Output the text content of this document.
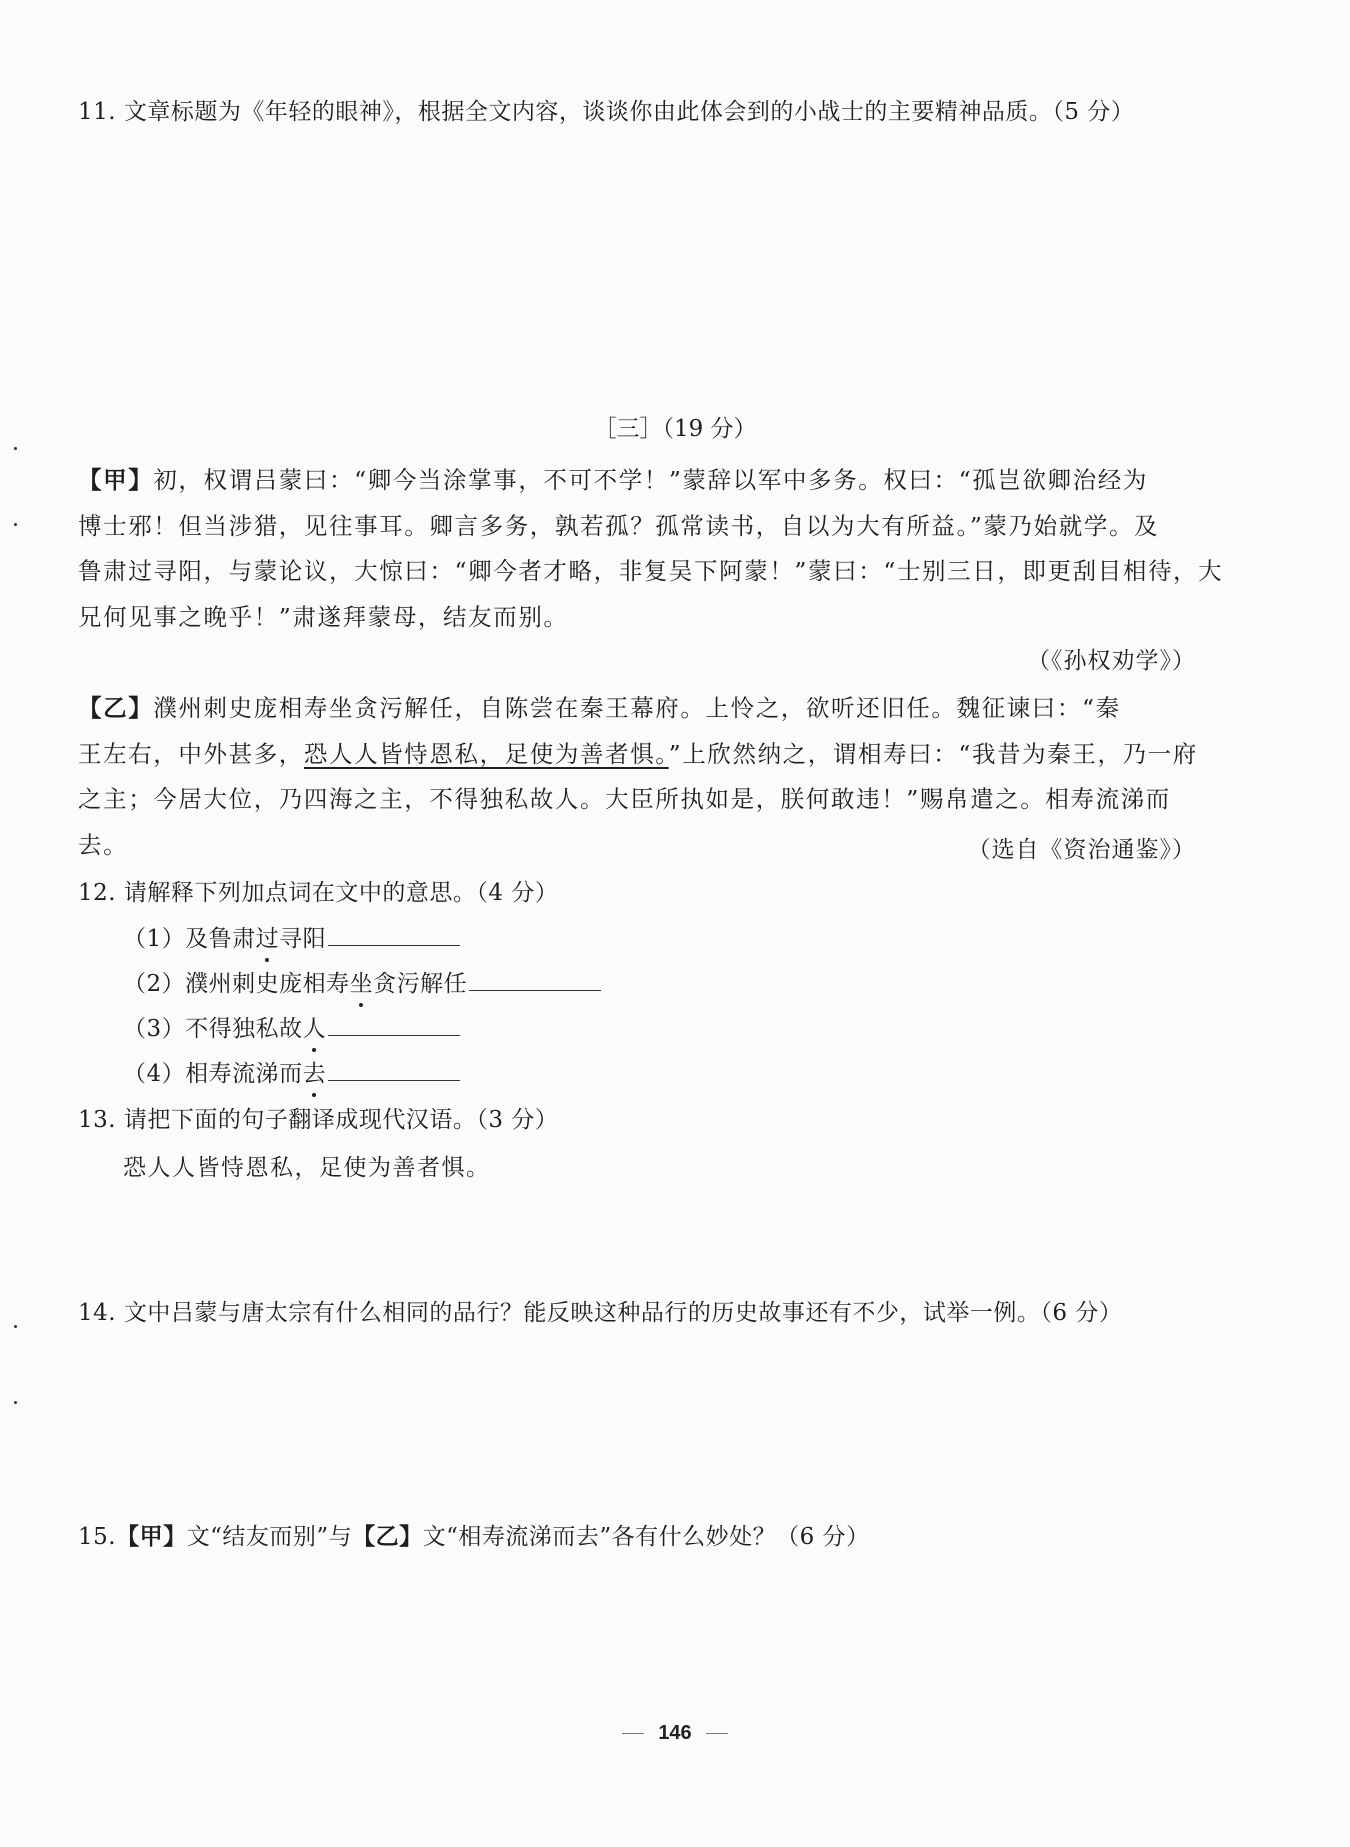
11. 文章标题为《年轻的眼神》，根据全文内容，谈谈你由此体会到的小战士的主要精神品质。（5 分）
［三］（19 分）
【甲】初，权谓吕蒙曰：“卿今当涂掌事，不可不学！”蒙辞以军中多务。权曰：“孤岂欲卿治经为
博士邪！但当涉猎，见往事耳。卿言多务，孰若孤？孤常读书，自以为大有所益。”蒙乃始就学。及
鲁肃过寻阳，与蒙论议，大惊曰：“卿今者才略，非复吴下阿蒙！”蒙曰：“士别三日，即更刮目相待，大
兄何见事之晚乎！”肃遂拜蒙母，结友而别。
（《孙权劝学》）
【乙】濮州刺史庞相寿坐贪污解任，自陈尝在秦王幕府。上怜之，欲听还旧任。魏征谏曰：“秦
王左右，中外甚多，恐人人皆恃恩私，足使为善者惧。”上欣然纳之，谓相寿曰：“我昔为秦王，乃一府
之主；今居大位，乃四海之主，不得独私故人。大臣所执如是，朕何敢违！”赐帛遣之。相寿流涕而
去。	（选自《资治通鉴》）
12. 请解释下列加点词在文中的意思。（4 分）
（1）及鲁肃过寻阳
（2）濮州刺史庞相寿坐贪污解任
（3）不得独私故人
（4）相寿流涕而去
13. 请把下面的句子翻译成现代汉语。（3 分）
恐人人皆恃恩私，足使为善者惧。
14. 文中吕蒙与唐太宗有什么相同的品行？能反映这种品行的历史故事还有不少，试举一例。（6 分）
15.【甲】文“结友而别”与【乙】文“相寿流涕而去”各有什么妙处？（6 分）
146
